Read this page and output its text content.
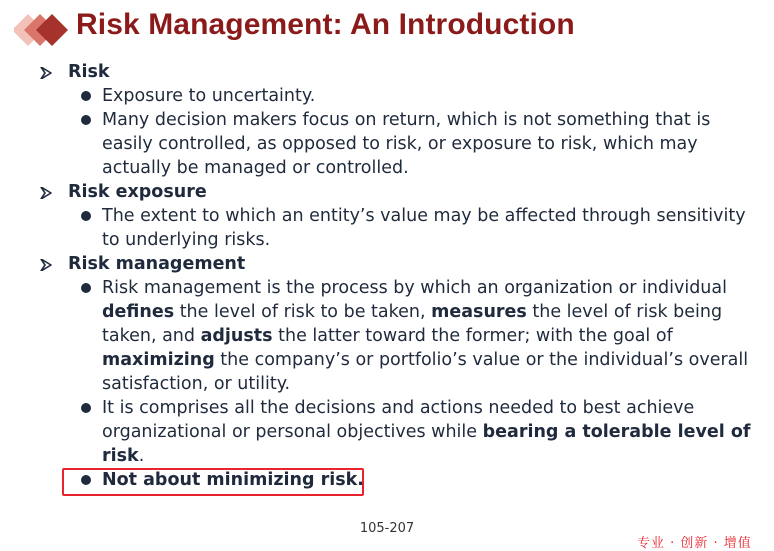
Risk Management: An Introduction
Risk
Exposure to uncertainty.
Many decision makers focus on return, which is not something that is easily controlled, as opposed to risk, or exposure to risk, which may actually be managed or controlled.
Risk exposure
The extent to which an entity’s value may be affected through sensitivity to underlying risks.
Risk management
Risk management is the process by which an organization or individual defines the level of risk to be taken, measures the level of risk being taken, and adjusts the latter toward the former; with the goal of maximizing the company’s or portfolio’s value or the individual’s overall satisfaction, or utility.
It is comprises all the decisions and actions needed to best achieve organizational or personal objectives while bearing a tolerable level of risk.
Not about minimizing risk.
105-207
专业 · 创新 · 增值
